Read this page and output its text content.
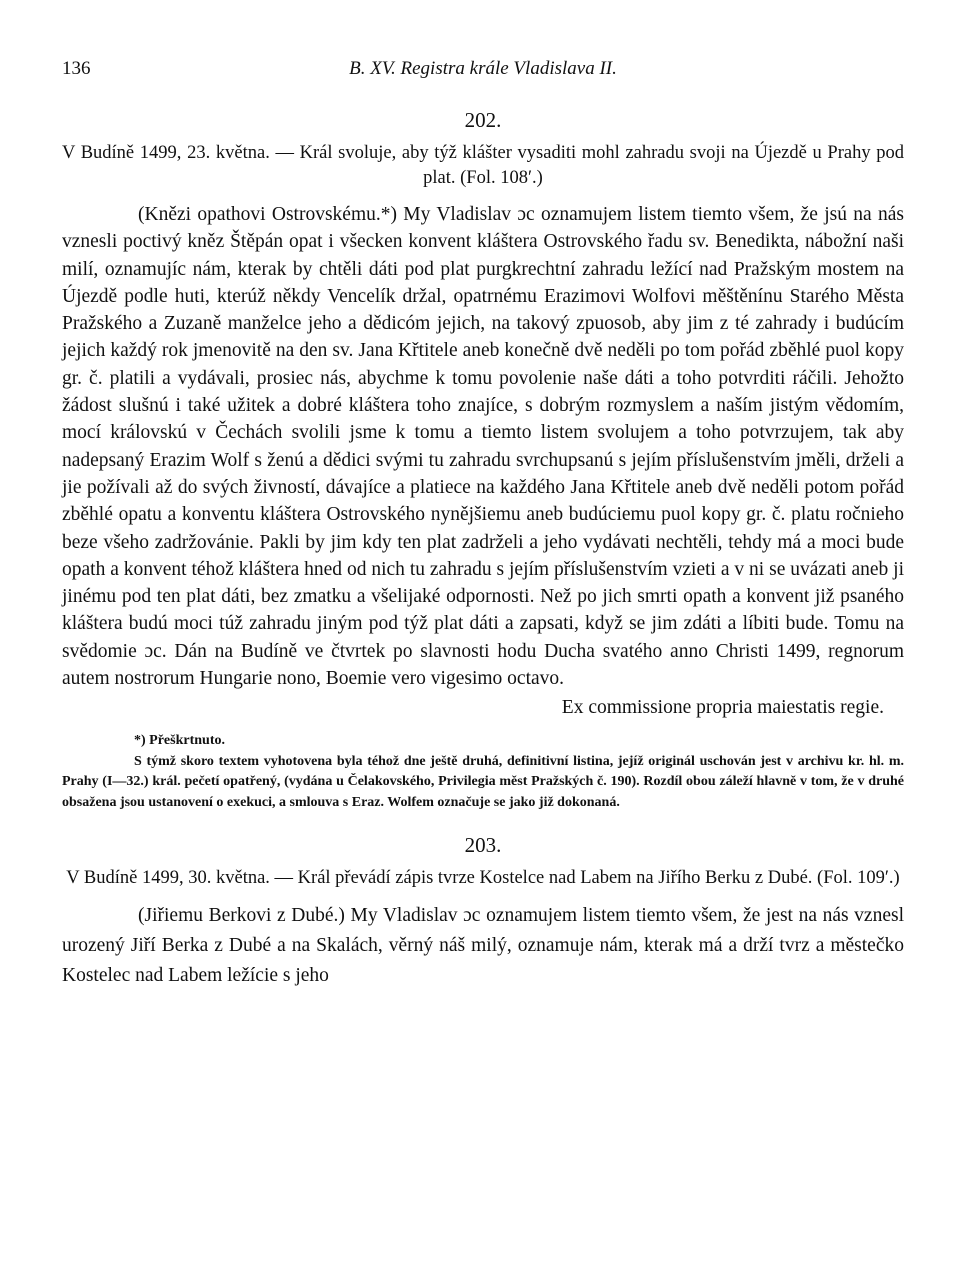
136	B. XV. Registra krále Vladislava II.
202.

V Budíně 1499, 23. května. — Král svoluje, aby týž klášter vysaditi mohl zahradu svoji na Újezdě u Prahy pod plat. (Fol. 108′.)

(Knězi opathovi Ostrovskému.*) My Vladislav ɔc oznamujem listem tiemto všem, že jsú na nás vznesli poctivý kněz Štěpán opat i všecken konvent kláštera Ostrovského řadu sv. Benedikta, nábožní naši milí, oznamujíc nám, kterak by chtěli dáti pod plat purgkrechtní zahradu ležící nad Pražským mostem na Újezdě podle huti, kterúž někdy Vencelík držal, opatrnému Erazimovi Wolfovi měštěnínu Starého Města Pražského a Zuzaně manželce jeho a dědicóm jejich, na takový zpuosob, aby jim z té zahrady i budúcím jejich každý rok jmenovitě na den sv. Jana Křtitele aneb konečně dvě neděli po tom pořád zběhlé puol kopy gr. č. platili a vydávali, prosiec nás, abychme k tomu povolenie naše dáti a toho potvrditi ráčili. Jehožto žádost slušnú i také užitek a dobré kláštera toho znajíce, s dobrým rozmyslem a naším jistým vědomím, mocí královskú v Čechách svolili jsme k tomu a tiemto listem svolujem a toho potvrzujem, tak aby nadepsaný Erazim Wolf s ženú a dědici svými tu zahradu svrchupsanú s jejím příslušenstvím jměli, drželi a jie požívali až do svých živností, dávajíce a platiece na každého Jana Křtitele aneb dvě neděli potom pořád zběhlé opatu a konventu kláštera Ostrovského nynějšiemu aneb budúciemu puol kopy gr. č. platu ročnieho beze všeho zadržovánie. Pakli by jim kdy ten plat zadrželi a jeho vydávati nechtěli, tehdy má a moci bude opath a konvent téhož kláštera hned od nich tu zahradu s jejím příslušenstvím vzieti a v ni se uvázati aneb ji jinému pod ten plat dáti, bez zmatku a všelijaké odpornosti. Než po jich smrti opath a konvent již psaného kláštera budú moci túž zahradu jiným pod týž plat dáti a zapsati, když se jim zdáti a líbiti bude. Tomu na svědomie ɔc. Dán na Budíně ve čtvrtek po slavnosti hodu Ducha svatého anno Christi 1499, regnorum autem nostrorum Hungarie nono, Boemie vero vigesimo octavo.

Ex commissione propria maiestatis regie.

*) Přeškrtnuto.

S týmž skoro textem vyhotovena byla téhož dne ještě druhá, definitivní listina, jejíž originál uschován jest v archivu kr. hl. m. Prahy (I—32.) král. pečetí opatřený, (vydána u Čelakovského, Privilegia měst Pražských č. 190). Rozdíl obou záleží hlavně v tom, že v druhé obsažena jsou ustanovení o exekuci, a smlouva s Eraz. Wolfem označuje se jako již dokonaná.

203.

V Budíně 1499, 30. května. — Král převádí zápis tvrze Kostelce nad Labem na Jiřího Berku z Dubé. (Fol. 109′.)

(Jiřiemu Berkovi z Dubé.) My Vladislav ɔc oznamujem listem tiemto všem, že jest na nás vznesl urozený Jiří Berka z Dubé a na Skalách, věrný náš milý, oznamuje nám, kterak má a drží tvrz a městečko Kostelec nad Labem ležície s jeho
